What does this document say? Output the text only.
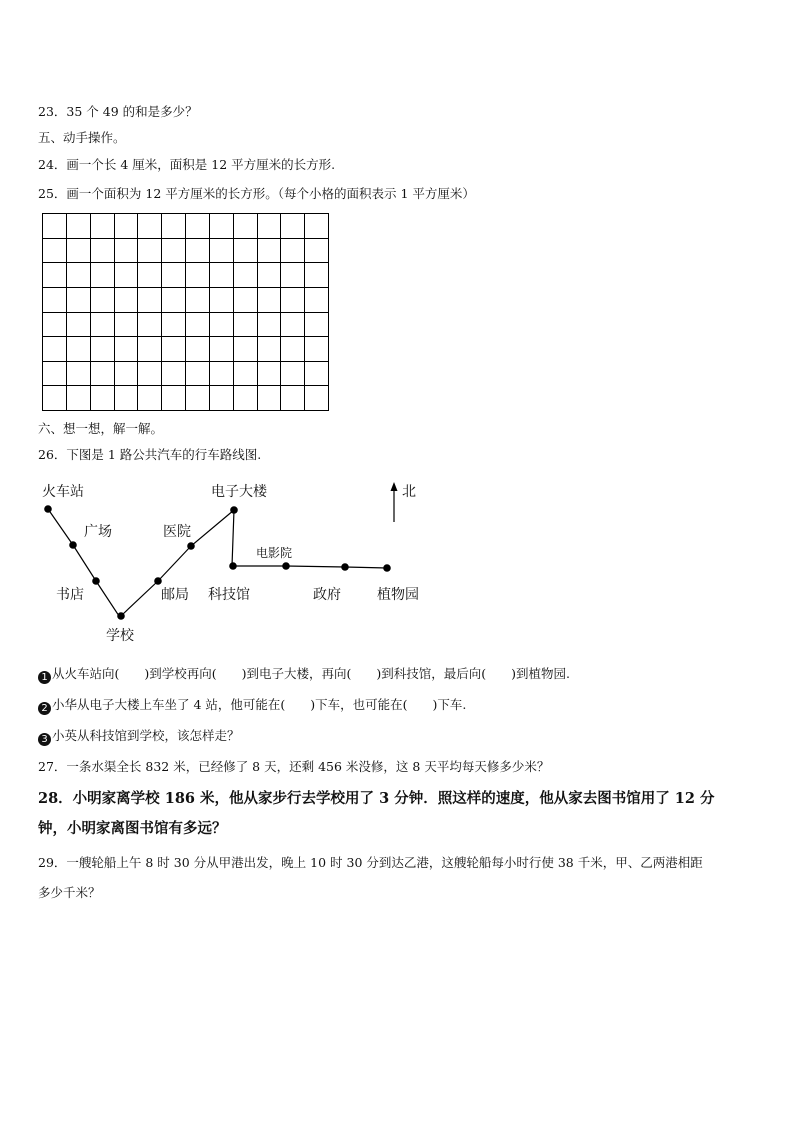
23．35 个 49 的和是多少？
五、动手操作。
24．画一个长 4 厘米，面积是 12 平方厘米的长方形.
25．画一个面积为 12 平方厘米的长方形。（每个小格的面积表示 1 平方厘米）
六、想一想，解一解。
26．下图是 1 路公共汽车的行车路线图.
火车站
广场
书店
学校
邮局
医院
电子大楼
科技馆
电影院
政府	植物园
北
1 从火车站向(　　)到学校再向(　　)到电子大楼，再向(　　)到科技馆，最后向(　　)到植物园.
2 小华从电子大楼上车坐了 4 站，他可能在(　　)下车，也可能在(　　)下车.
3 小英从科技馆到学校，该怎样走？
27．一条水渠全长 832 米，已经修了 8 天，还剩 456 米没修，这 8 天平均每天修多少米？
28．小明家离学校 186 米，他从家步行去学校用了 3 分钟．照这样的速度，他从家去图书馆用了 12 分
钟，小明家离图书馆有多远？
29．一艘轮船上午 8 时 30 分从甲港出发，晚上 10 时 30 分到达乙港，这艘轮船每小时行使 38 千米，甲、乙两港相距
多少千米？
